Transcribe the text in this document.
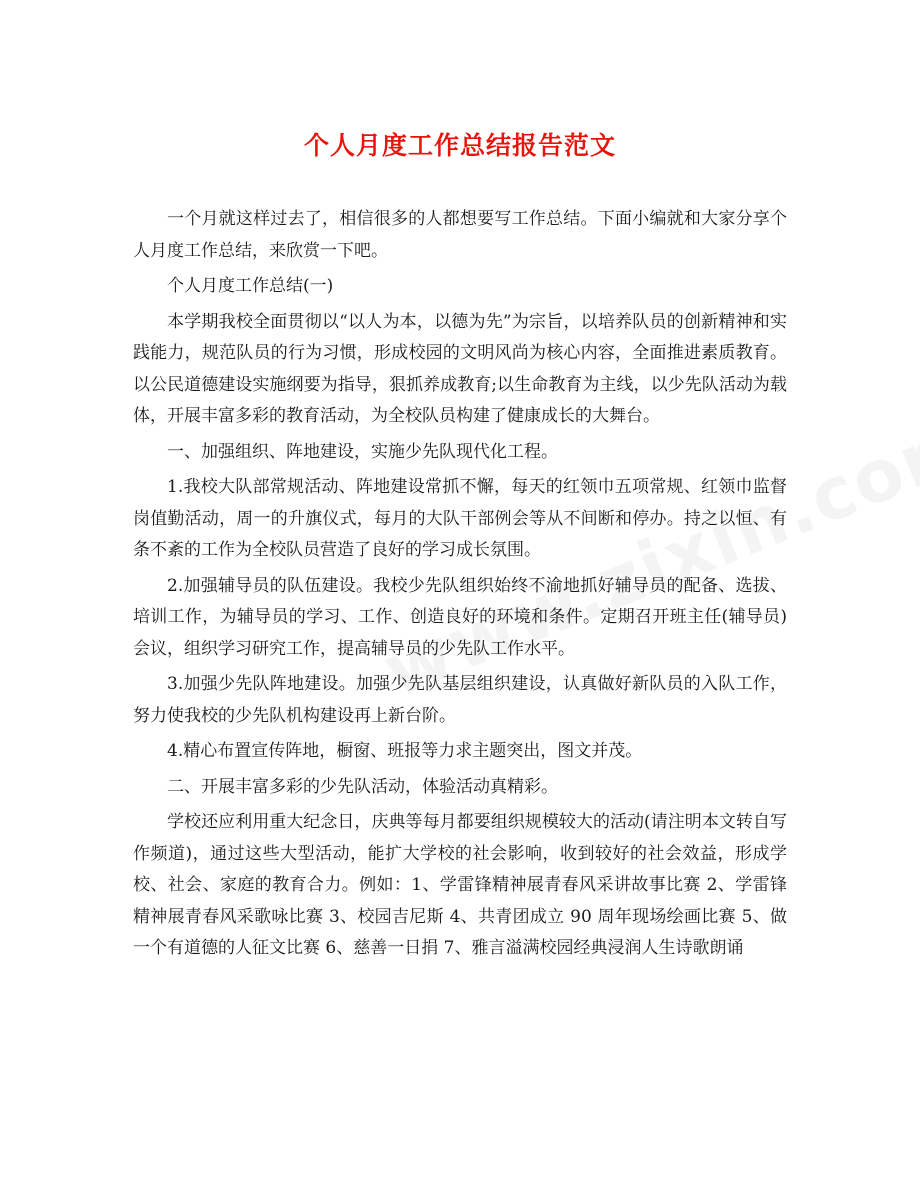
个人月度工作总结报告范文

一个月就这样过去了，相信很多的人都想要写工作总结。下面小编就和大家分享个人月度工作总结，来欣赏一下吧。

个人月度工作总结(一)

本学期我校全面贯彻以“以人为本，以德为先”为宗旨，以培养队员的创新精神和实践能力，规范队员的行为习惯，形成校园的文明风尚为核心内容，全面推进素质教育。以公民道德建设实施纲要为指导，狠抓养成教育;以生命教育为主线，以少先队活动为载体，开展丰富多彩的教育活动，为全校队员构建了健康成长的大舞台。

一、加强组织、阵地建设，实施少先队现代化工程。

1.我校大队部常规活动、阵地建设常抓不懈，每天的红领巾五项常规、红领巾监督岗值勤活动，周一的升旗仪式，每月的大队干部例会等从不间断和停办。持之以恒、有条不紊的工作为全校队员营造了良好的学习成长氛围。

2.加强辅导员的队伍建设。我校少先队组织始终不渝地抓好辅导员的配备、选拔、培训工作，为辅导员的学习、工作、创造良好的环境和条件。定期召开班主任(辅导员)会议，组织学习研究工作，提高辅导员的少先队工作水平。

3.加强少先队阵地建设。加强少先队基层组织建设，认真做好新队员的入队工作，努力使我校的少先队机构建设再上新台阶。

4.精心布置宣传阵地，橱窗、班报等力求主题突出，图文并茂。

二、开展丰富多彩的少先队活动，体验活动真精彩。

学校还应利用重大纪念日，庆典等每月都要组织规模较大的活动(请注明本文转自写作频道)，通过这些大型活动，能扩大学校的社会影响，收到较好的社会效益，形成学校、社会、家庭的教育合力。例如：1、学雷锋精神展青春风采讲故事比赛 2、学雷锋精神展青春风采歌咏比赛 3、校园吉尼斯 4、共青团成立 90 周年现场绘画比赛 5、做一个有道德的人征文比赛 6、慈善一日捐 7、雅言溢满校园经典浸润人生诗歌朗诵
